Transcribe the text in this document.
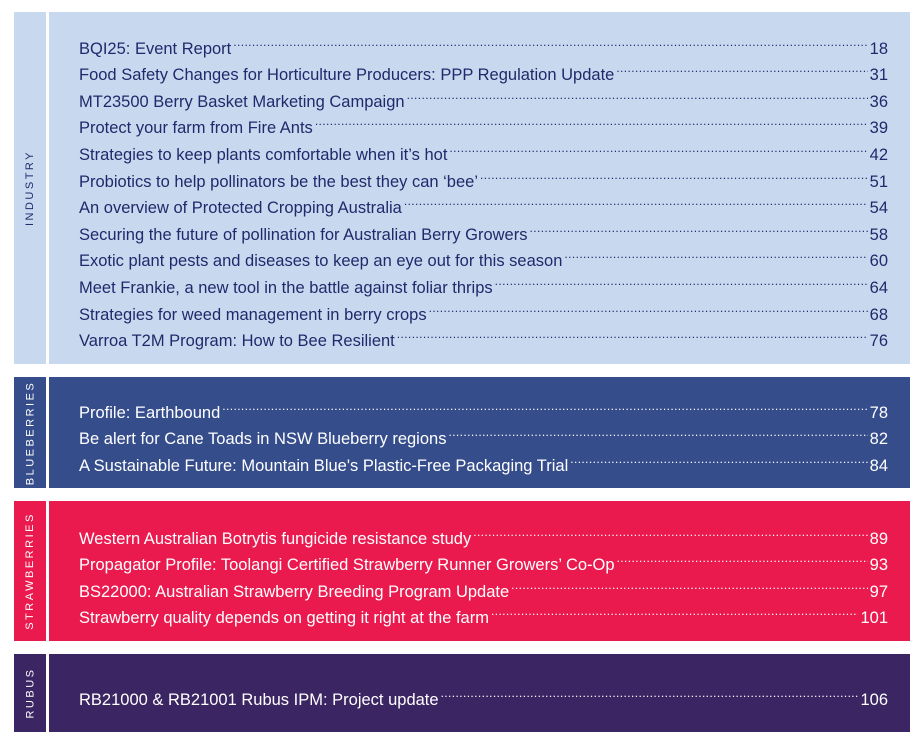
INDUSTRY
BQI25: Event Report .....	18
Food Safety Changes for Horticulture Producers: PPP Regulation Update .....	31
MT23500 Berry Basket Marketing Campaign .....	36
Protect your farm from Fire Ants .....	39
Strategies to keep plants comfortable when it’s hot .....	42
Probiotics to help pollinators be the best they can ‘bee’ .....	51
An overview of Protected Cropping Australia .....	54
Securing the future of pollination for Australian Berry Growers .....	58
Exotic plant pests and diseases to keep an eye out for this season .....	60
Meet Frankie, a new tool in the battle against foliar thrips .....	64
Strategies for weed management in berry crops .....	68
Varroa T2M Program: How to Bee Resilient .....	76
BLUEBERRIES	Profile: Earthbound .....	78
Be alert for Cane Toads in NSW Blueberry regions .....	82
A Sustainable Future: Mountain Blue's Plastic-Free Packaging Trial .....	84
STRAWBERRIES	Western Australian Botrytis fungicide resistance study .....	89
Propagator Profile: Toolangi Certified Strawberry Runner Growers’ Co-Op .....	93
BS22000: Australian Strawberry Breeding Program Update .....	97
Strawberry quality depends on getting it right at the farm .....	101
RUBUS	RB21000 & RB21001 Rubus IPM: Project update .....	106
